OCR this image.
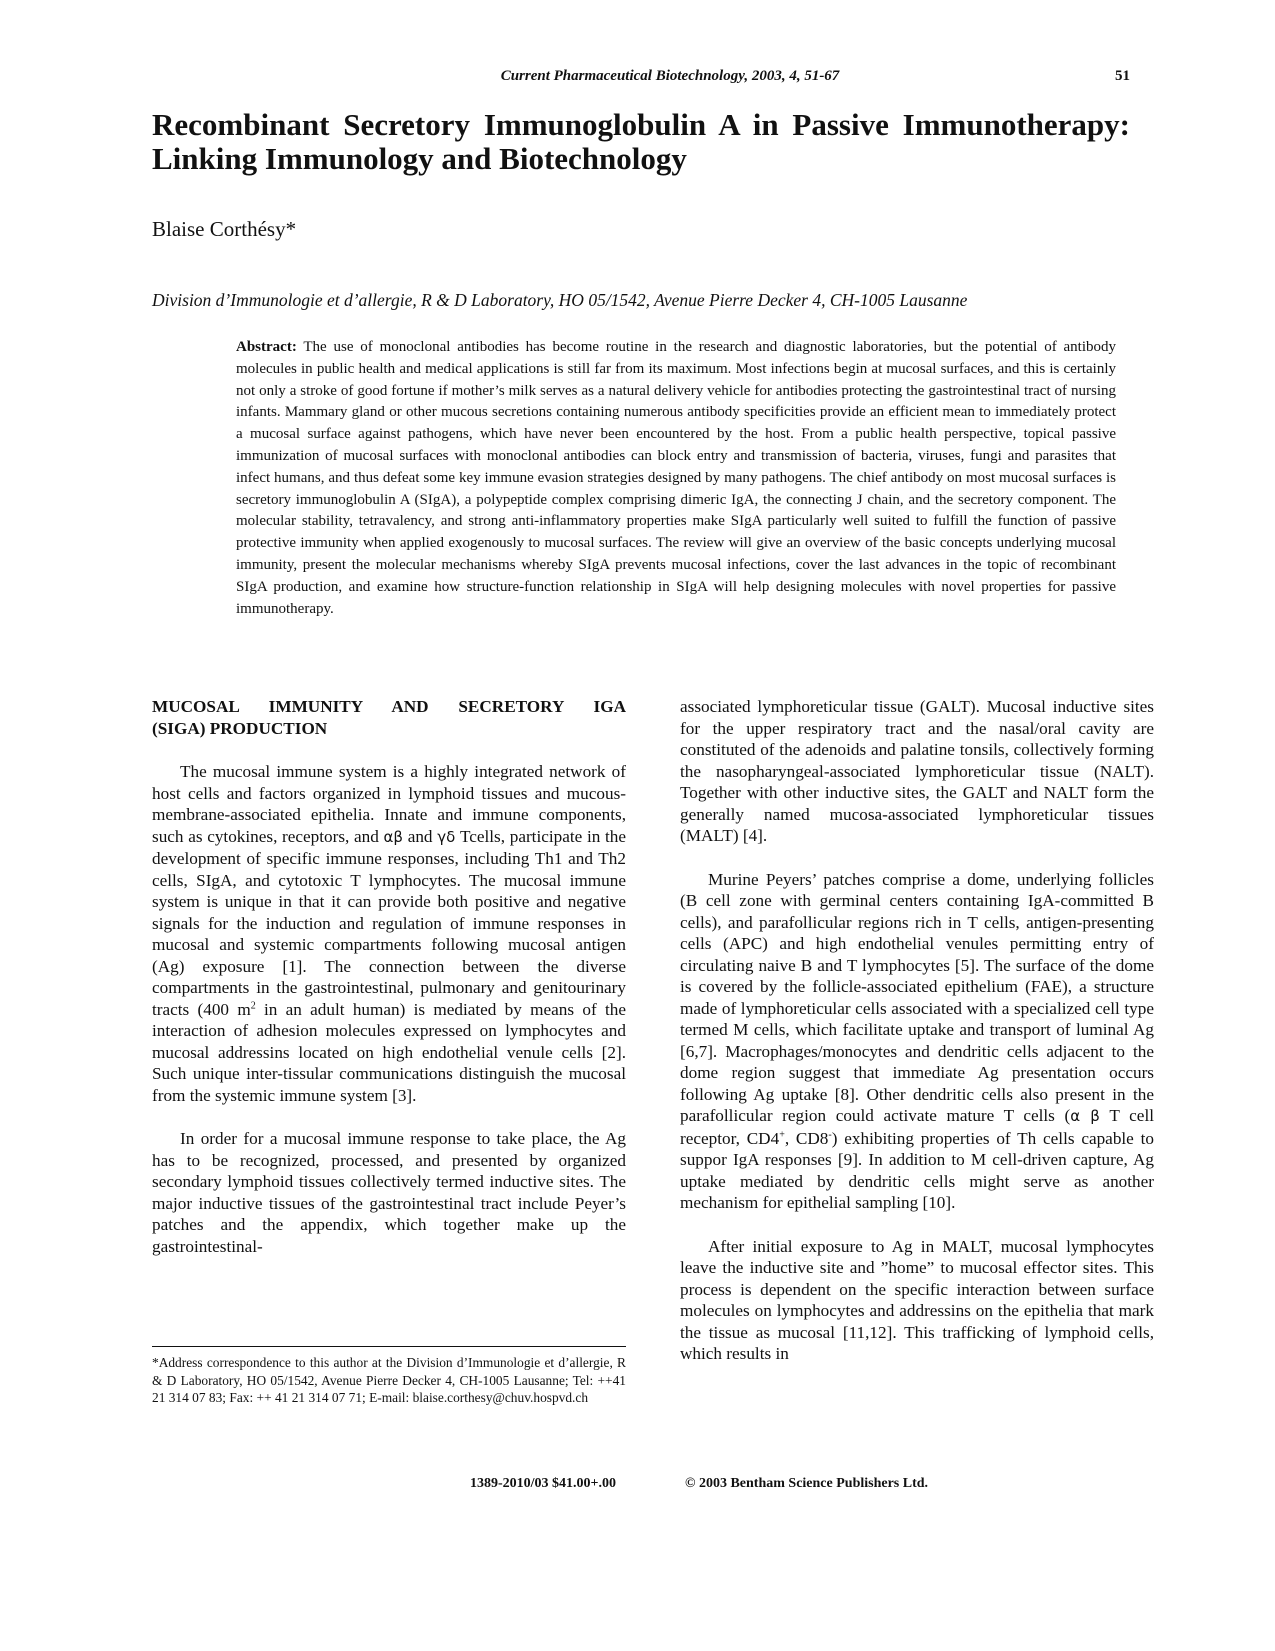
Current Pharmaceutical Biotechnology, 2003, 4, 51-67	51
Recombinant Secretory Immunoglobulin A in Passive Immunotherapy:
Linking Immunology and Biotechnology
Blaise Corthésy*
Division d’Immunologie et d’allergie, R & D Laboratory, HO 05/1542, Avenue Pierre Decker 4, CH-1005 Lausanne
Abstract: The use of monoclonal antibodies has become routine in the research and diagnostic laboratories, but the potential of antibody molecules in public health and medical applications is still far from its maximum. Most infections begin at mucosal surfaces, and this is certainly not only a stroke of good fortune if mother’s milk serves as a natural delivery vehicle for antibodies protecting the gastrointestinal tract of nursing infants. Mammary gland or other mucous secretions containing numerous antibody specificities provide an efficient mean to immediately protect a mucosal surface against pathogens, which have never been encountered by the host. From a public health perspective, topical passive immunization of mucosal surfaces with monoclonal antibodies can block entry and transmission of bacteria, viruses, fungi and parasites that infect humans, and thus defeat some key immune evasion strategies designed by many pathogens. The chief antibody on most mucosal surfaces is secretory immunoglobulin A (SIgA), a polypeptide complex comprising dimeric IgA, the connecting J chain, and the secretory component. The molecular stability, tetravalency, and strong anti-inflammatory properties make SIgA particularly well suited to fulfill the function of passive protective immunity when applied exogenously to mucosal surfaces. The review will give an overview of the basic concepts underlying mucosal immunity, present the molecular mechanisms whereby SIgA prevents mucosal infections, cover the last advances in the topic of recombinant SIgA production, and examine how structure-function relationship in SIgA will help designing molecules with novel properties for passive immunotherapy.
MUCOSAL IMMUNITY AND SECRETORY IGA
(SIGA) PRODUCTION

The mucosal immune system is a highly integrated network of host cells and factors organized in lymphoid tissues and mucous-membrane-associated epithelia. Innate and immune components, such as cytokines, receptors, and αβ and γδ Tcells, participate in the development of specific immune responses, including Th1 and Th2 cells, SIgA, and cytotoxic T lymphocytes. The mucosal immune system is unique in that it can provide both positive and negative signals for the induction and regulation of immune responses in mucosal and systemic compartments following mucosal antigen (Ag) exposure [1]. The connection between the diverse compartments in the gastrointestinal, pulmonary and genitourinary tracts (400 $m^2$ in an adult human) is mediated by means of the interaction of adhesion molecules expressed on lymphocytes and mucosal addressins located on high endothelial venule cells [2]. Such unique inter-tissular communications distinguish the mucosal from the systemic immune system [3].

In order for a mucosal immune response to take place, the Ag has to be recognized, processed, and presented by organized secondary lymphoid tissues collectively termed inductive sites. The major inductive tissues of the gastrointestinal tract include Peyer’s patches and the appendix, which together make up the gastrointestinal-

associated lymphoreticular tissue (GALT). Mucosal inductive sites for the upper respiratory tract and the nasal/oral cavity are constituted of the adenoids and palatine tonsils, collectively forming the nasopharyngeal-associated lymphoreticular tissue (NALT). Together with other inductive sites, the GALT and NALT form the generally named mucosa-associated lymphoreticular tissues (MALT) [4].

Murine Peyers’ patches comprise a dome, underlying follicles (B cell zone with germinal centers containing IgA-committed B cells), and parafollicular regions rich in T cells, antigen-presenting cells (APC) and high endothelial venules permitting entry of circulating naive B and T lymphocytes [5]. The surface of the dome is covered by the follicle-associated epithelium (FAE), a structure made of lymphoreticular cells associated with a specialized cell type termed M cells, which facilitate uptake and transport of luminal Ag [6,7]. Macrophages/monocytes and dendritic cells adjacent to the dome region suggest that immediate Ag presentation occurs following Ag uptake [8]. Other dendritic cells also present in the parafollicular region could activate mature T cells (α β T cell receptor, CD4+, CD8-) exhibiting properties of Th cells capable to suppor IgA responses [9]. In addition to M cell-driven capture, Ag uptake mediated by dendritic cells might serve as another mechanism for epithelial sampling [10].

After initial exposure to Ag in MALT, mucosal lymphocytes leave the inductive site and ”home” to mucosal effector sites. This process is dependent on the specific interaction between surface molecules on lymphocytes and addressins on the epithelia that mark the tissue as mucosal [11,12]. This trafficking of lymphoid cells, which results in

*Address correspondence to this author at the Division d’Immunologie et d’allergie, R & D Laboratory, HO 05/1542, Avenue Pierre Decker 4, CH-1005 Lausanne; Tel: ++41 21 314 07 83; Fax: ++ 41 21 314 07 71; E-mail: blaise.corthesy@chuv.hospvd.ch
1389-2010/03 $41.00+.00	© 2003 Bentham Science Publishers Ltd.
